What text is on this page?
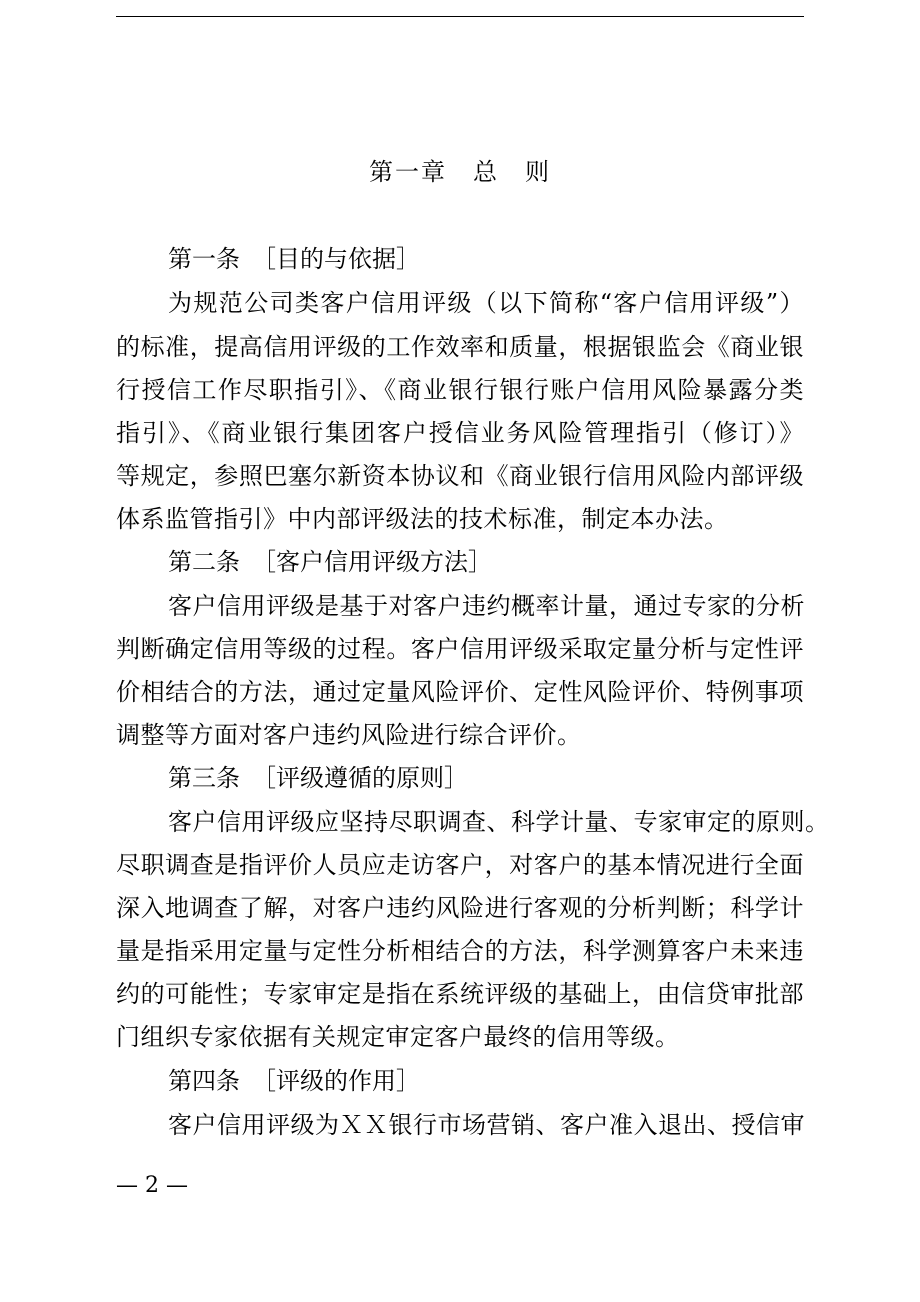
第一章　总　则
第一条　［目的与依据］
为规范公司类客户信用评级（以下简称“客户信用评级”）
的标准，提高信用评级的工作效率和质量，根据银监会《商业银
行授信工作尽职指引》、《商业银行银行账户信用风险暴露分类
指引》、《商业银行集团客户授信业务风险管理指引（修订）》
等规定，参照巴塞尔新资本协议和《商业银行信用风险内部评级
体系监管指引》中内部评级法的技术标准，制定本办法。
第二条　［客户信用评级方法］
客户信用评级是基于对客户违约概率计量，通过专家的分析
判断确定信用等级的过程。客户信用评级采取定量分析与定性评
价相结合的方法，通过定量风险评价、定性风险评价、特例事项
调整等方面对客户违约风险进行综合评价。
第三条　［评级遵循的原则］
客户信用评级应坚持尽职调查、科学计量、专家审定的原则。
尽职调查是指评价人员应走访客户，对客户的基本情况进行全面
深入地调查了解，对客户违约风险进行客观的分析判断；科学计
量是指采用定量与定性分析相结合的方法，科学测算客户未来违
约的可能性；专家审定是指在系统评级的基础上，由信贷审批部
门组织专家依据有关规定审定客户最终的信用等级。
第四条　［评级的作用］
客户信用评级为ＸＸ银行市场营销、客户准入退出、授信审
— 2 —
